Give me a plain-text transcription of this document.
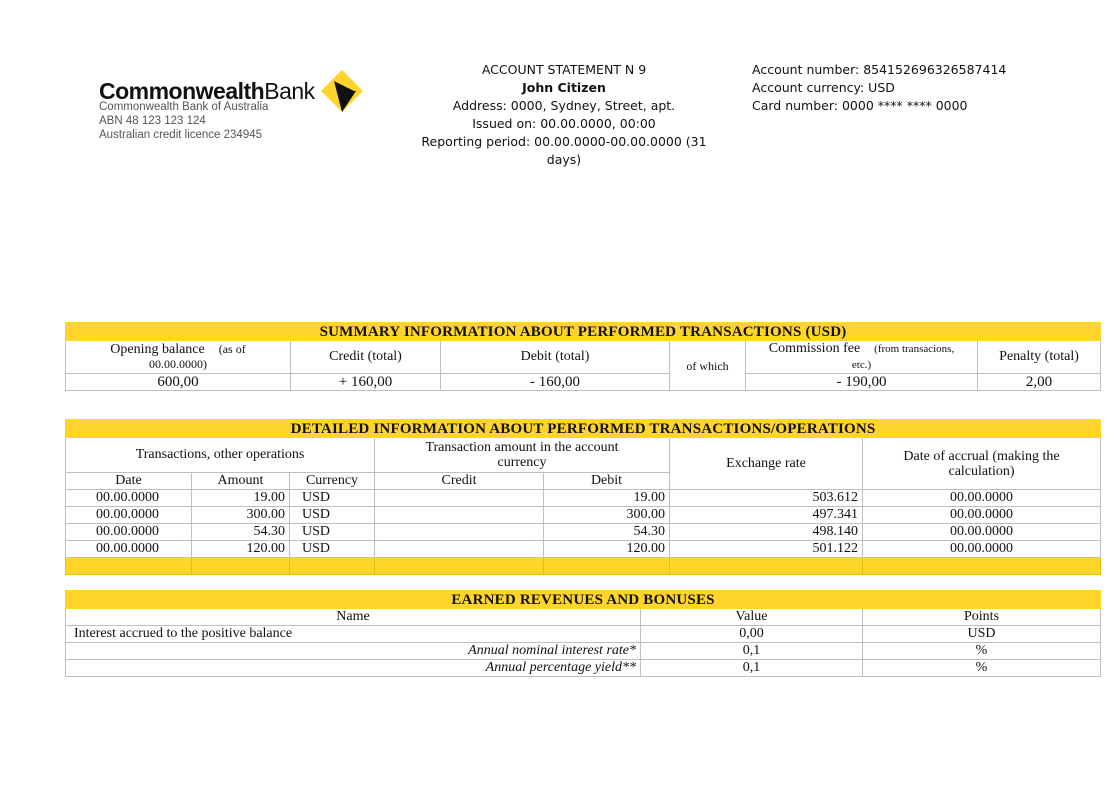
CommonwealthBank
Commonwealth Bank of Australia
ABN 48 123 123 124
Australian credit licence 234945
ACCOUNT STATEMENT N 9
John Citizen
Address: 0000, Sydney, Street, apt.
Issued on: 00.00.0000, 00:00
Reporting period: 00.00.0000-00.00.0000 (31 days)
Account number: 854152696326587414
Account currency: USD
Card number: 0000 **** **** 0000
SUMMARY INFORMATION ABOUT PERFORMED TRANSACTIONS (USD)					
Opening balance (as of
00.00.0000)	Credit (total)	Debit (total)	of which	Commission fee (from transacions,
etc.)	Penalty (total)
600,00	+ 160,00	- 160,00		- 190,00	2,00
DETAILED INFORMATION ABOUT PERFORMED TRANSACTIONS/OPERATIONS						
Transactions, other operations			Transaction amount in the account
currency		Exchange rate	Date of accrual (making the
calculation)
Date	Amount	Currency	Credit	Debit		
00.00.0000	19.00	USD		19.00	503.612	00.00.0000
00.00.0000	300.00	USD		300.00	497.341	00.00.0000
00.00.0000	54.30	USD		54.30	498.140	00.00.0000
00.00.0000	120.00	USD		120.00	501.122	00.00.0000

EARNED REVENUES AND BONUSES		
Name	Value	Points
Interest accrued to the positive balance	0,00	USD
Annual nominal interest rate*	0,1	%
Annual percentage yield**	0,1	%
